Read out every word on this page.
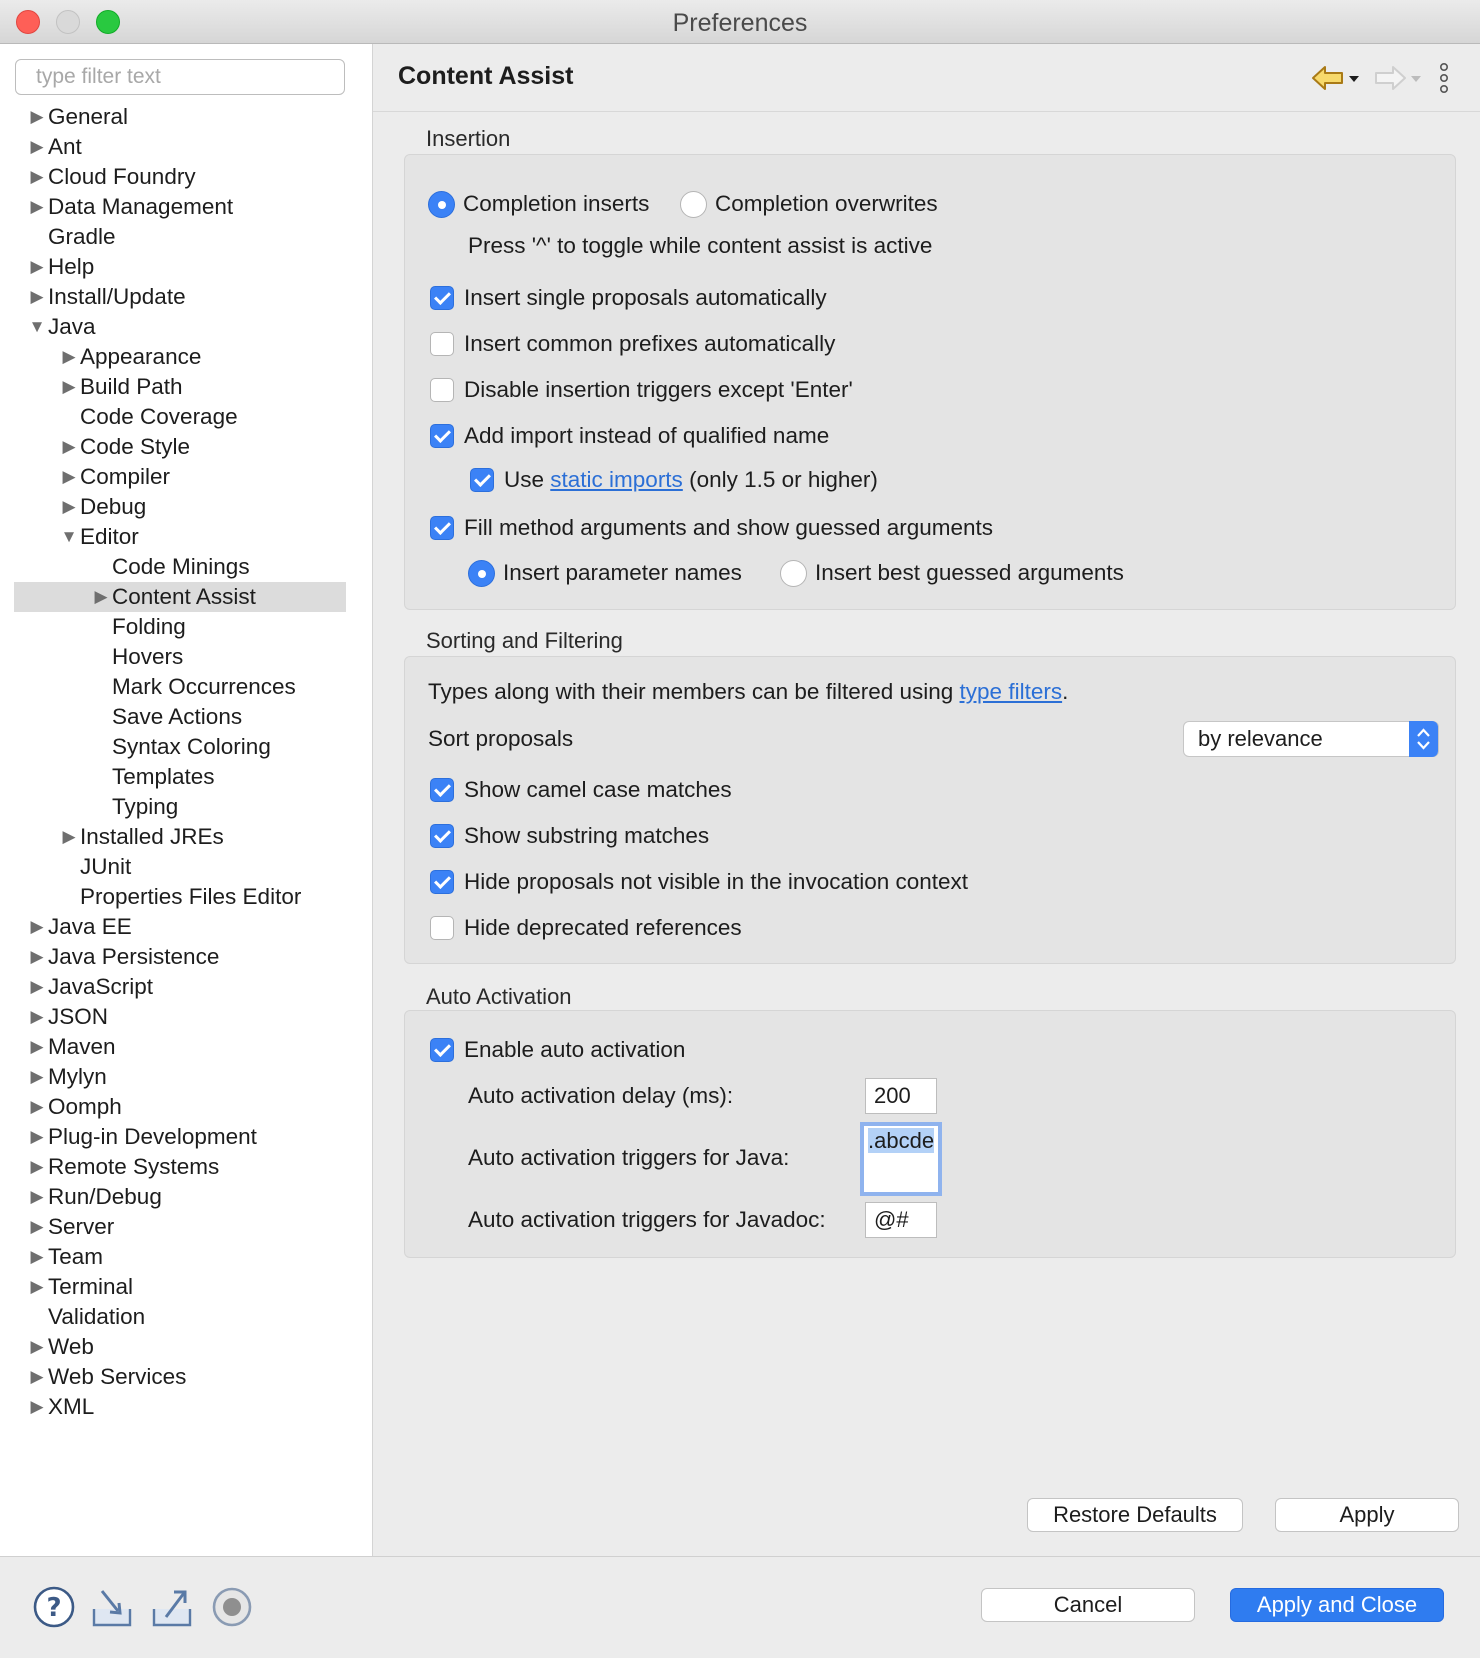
Preferences
type filter text
▶ General
▶ Ant
▶ Cloud Foundry
▶ Data Management
Gradle
▶ Help
▶ Install/Update
▼ Java
▶ Appearance
▶ Build Path
Code Coverage
▶ Code Style
▶ Compiler
▶ Debug
▼ Editor
Code Minings
▶ Content Assist
Folding
Hovers
Mark Occurrences
Save Actions
Syntax Coloring
Templates
Typing
▶ Installed JREs
JUnit
Properties Files Editor
▶ Java EE
▶ Java Persistence
▶ JavaScript
▶ JSON
▶ Maven
▶ Mylyn
▶ Oomph
▶ Plug-in Development
▶ Remote Systems
▶ Run/Debug
▶ Server
▶ Team
▶ Terminal
Validation
▶ Web
▶ Web Services
▶ XML
Content Assist
Insertion
Completion inserts	Completion overwrites
Press '^' to toggle while content assist is active
Insert single proposals automatically
Insert common prefixes automatically
Disable insertion triggers except 'Enter'
Add import instead of qualified name
Use
static imports
(only 1.5 or higher)
Fill method arguments and show guessed arguments
Insert parameter names	Insert best guessed arguments
Sorting and Filtering
Types along with their members can be filtered using
type filters .
Sort proposals	by relevance
Show camel case matches
Show substring matches
Hide proposals not visible in the invocation context
Hide deprecated references
Auto Activation
Enable auto activation
Auto activation delay (ms):	200
Auto activation triggers for Java:
.abcde
Auto activation triggers for Javadoc:	@#
Restore Defaults	Apply
?	Cancel	Apply and Close
